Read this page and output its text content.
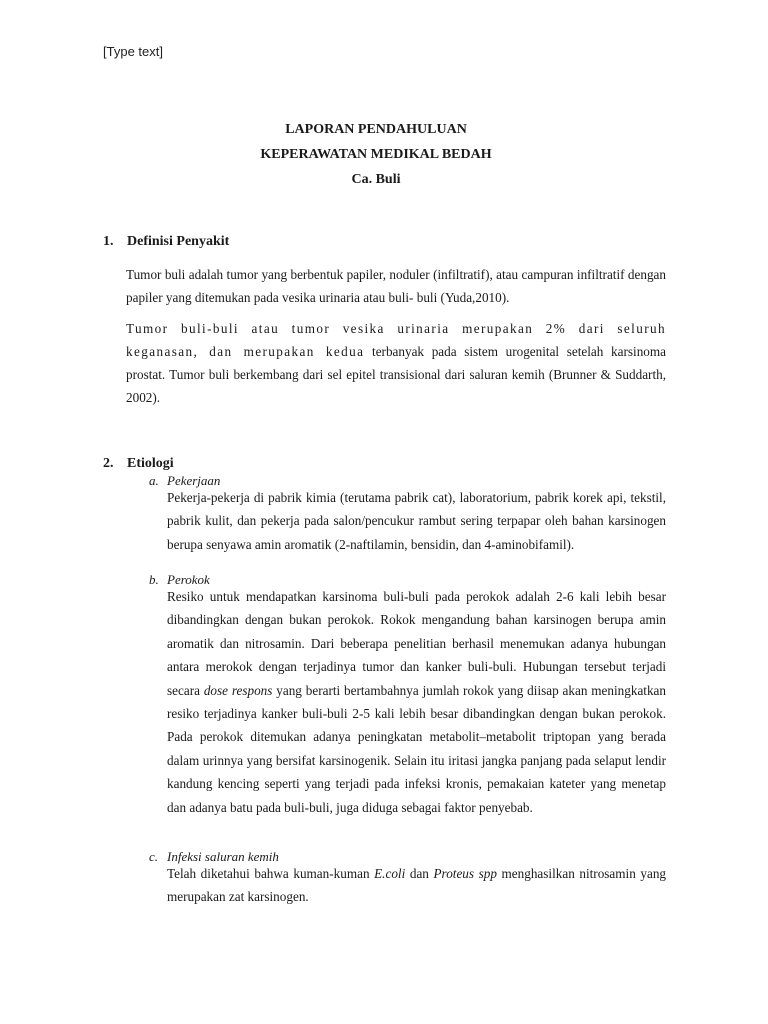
[Type text]
LAPORAN PENDAHULUAN
KEPERAWATAN MEDIKAL BEDAH
Ca. Buli
1. Definisi Penyakit

Tumor buli adalah tumor yang berbentuk papiler, noduler (infiltratif), atau campuran infiltratif dengan papiler yang ditemukan pada vesika urinaria atau buli- buli (Yuda,2010).

Tumor buli-buli atau tumor vesika urinaria merupakan 2% dari seluruh

keganasan, dan merupakan kedua terbanyak pada sistem urogenital setelah karsinoma

prostat. Tumor buli berkembang dari sel epitel transisional dari saluran kemih (Brunner & Suddarth, 2002).

2. Etiologi
a. Pekerjaan

Pekerja-pekerja di pabrik kimia (terutama pabrik cat), laboratorium, pabrik korek api, tekstil, pabrik kulit, dan pekerja pada salon/pencukur rambut sering terpapar oleh bahan karsinogen berupa senyawa amin aromatik (2-naftilamin, bensidin, dan 4-aminobifamil).

b. Perokok

Resiko untuk mendapatkan karsinoma buli-buli pada perokok adalah 2-6 kali lebih besar dibandingkan dengan bukan perokok. Rokok mengandung bahan karsinogen berupa amin aromatik dan nitrosamin. Dari beberapa penelitian berhasil menemukan adanya hubungan antara merokok dengan terjadinya tumor dan kanker buli-buli. Hubungan tersebut terjadi secara dose respons yang berarti bertambahnya jumlah rokok yang diisap akan meningkatkan resiko terjadinya kanker buli-buli 2-5 kali lebih besar dibandingkan dengan bukan perokok. Pada perokok ditemukan adanya peningkatan metabolit–metabolit triptopan yang berada dalam urinnya yang bersifat karsinogenik. Selain itu iritasi jangka panjang pada selaput lendir kandung kencing seperti yang terjadi pada infeksi kronis, pemakaian kateter yang menetap dan adanya batu pada buli-buli, juga diduga sebagai faktor penyebab.

c. Infeksi saluran kemih

Telah diketahui bahwa kuman-kuman E.coli dan Proteus spp menghasilkan nitrosamin yang merupakan zat karsinogen.
